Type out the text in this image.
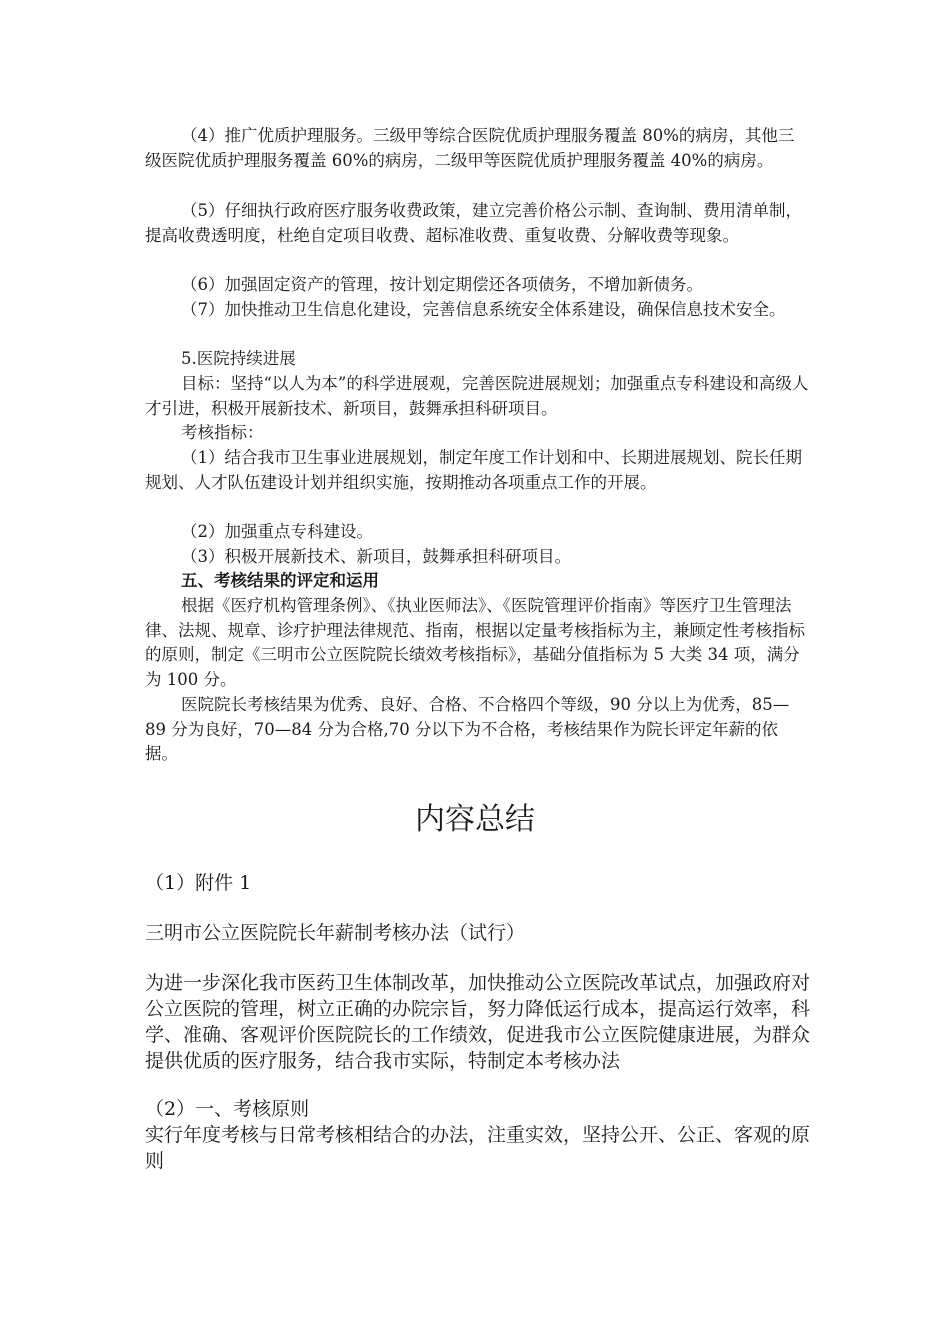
（4）推广优质护理服务。三级甲等综合医院优质护理服务覆盖 80%的病房，其他三级医院优质护理服务覆盖 60%的病房，二级甲等医院优质护理服务覆盖 40%的病房。

（5）仔细执行政府医疗服务收费政策，建立完善价格公示制、查询制、费用清单制，提高收费透明度，杜绝自定项目收费、超标准收费、重复收费、分解收费等现象。

（6）加强固定资产的管理，按计划定期偿还各项债务，不增加新债务。

（7）加快推动卫生信息化建设，完善信息系统安全体系建设，确保信息技术安全。

5.医院持续进展

目标：坚持“以人为本”的科学进展观，完善医院进展规划；加强重点专科建设和高级人才引进，积极开展新技术、新项目，鼓舞承担科研项目。

考核指标：

（1）结合我市卫生事业进展规划，制定年度工作计划和中、长期进展规划、院长任期规划、人才队伍建设计划并组织实施，按期推动各项重点工作的开展。

（2）加强重点专科建设。

（3）积极开展新技术、新项目，鼓舞承担科研项目。

五、考核结果的评定和运用

根据《医疗机构管理条例》、《执业医师法》、《医院管理评价指南》等医疗卫生管理法律、法规、规章、诊疗护理法律规范、指南，根据以定量考核指标为主，兼顾定性考核指标的原则，制定《三明市公立医院院长绩效考核指标》，基础分值指标为 5 大类 34 项，满分为 100 分。

医院院长考核结果为优秀、良好、合格、不合格四个等级，90 分以上为优秀，85—89 分为良好，70—84 分为合格,70 分以下为不合格，考核结果作为院长评定年薪的依据。

内容总结

（1）附件 1

三明市公立医院院长年薪制考核办法（试行）

为进一步深化我市医药卫生体制改革，加快推动公立医院改革试点，加强政府对公立医院的管理，树立正确的办院宗旨，努力降低运行成本，提高运行效率，科学、准确、客观评价医院院长的工作绩效，促进我市公立医院健康进展，为群众提供优质的医疗服务，结合我市实际，特制定本考核办法

（2）一、考核原则

实行年度考核与日常考核相结合的办法，注重实效，坚持公开、公正、客观的原则
